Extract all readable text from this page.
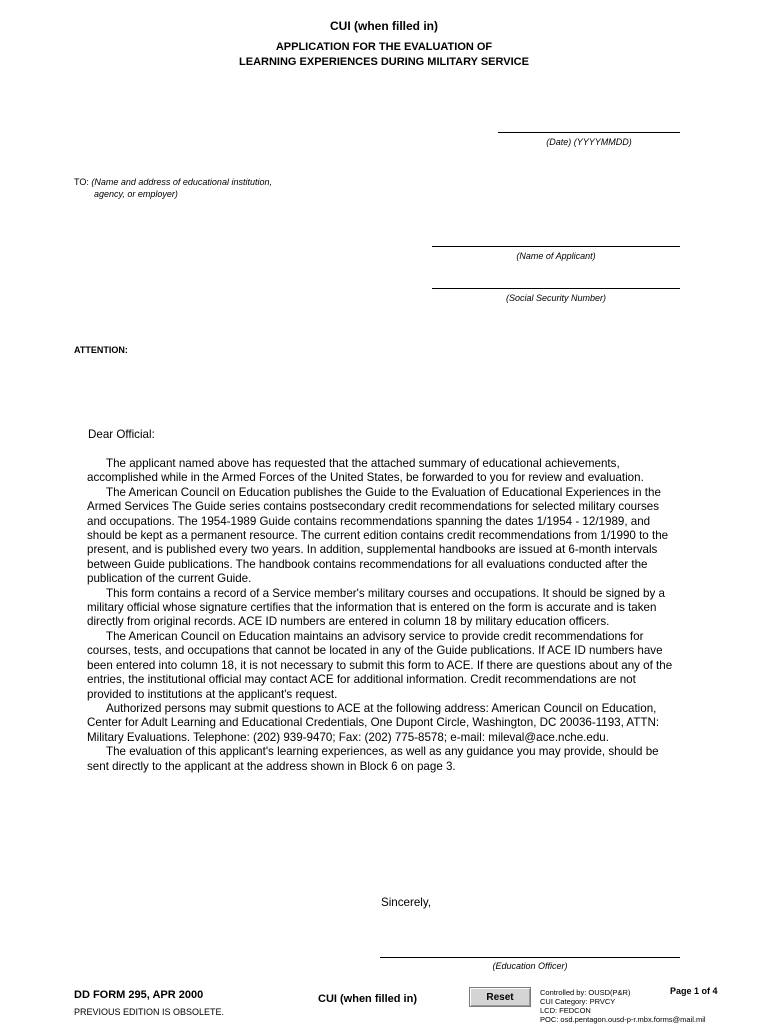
CUI (when filled in)
APPLICATION FOR THE EVALUATION OF
LEARNING EXPERIENCES DURING MILITARY SERVICE
(Date) (YYYYMMDD)
TO: (Name and address of educational institution,
agency, or employer)
(Name of Applicant)
(Social Security Number)
ATTENTION:
Dear Official:

The applicant named above has requested that the attached summary of educational achievements, accomplished while in the Armed Forces of the United States, be forwarded to you for review and evaluation.

The American Council on Education publishes the Guide to the Evaluation of Educational Experiences in the Armed Services The Guide series contains postsecondary credit recommendations for selected military courses and occupations. The 1954-1989 Guide contains recommendations spanning the dates 1/1954 - 12/1989, and should be kept as a permanent resource. The current edition contains credit recommendations from 1/1990 to the present, and is published every two years. In addition, supplemental handbooks are issued at 6-month intervals between Guide publications. The handbook contains recommendations for all evaluations conducted after the publication of the current Guide.

This form contains a record of a Service member's military courses and occupations. It should be signed by a military official whose signature certifies that the information that is entered on the form is accurate and is taken directly from original records. ACE ID numbers are entered in column 18 by military education officers.

The American Council on Education maintains an advisory service to provide credit recommendations for courses, tests, and occupations that cannot be located in any of the Guide publications. If ACE ID numbers have been entered into column 18, it is not necessary to submit this form to ACE. If there are questions about any of the entries, the institutional official may contact ACE for additional information. Credit recommendations are not provided to institutions at the applicant's request.

Authorized persons may submit questions to ACE at the following address: American Council on Education, Center for Adult Learning and Educational Credentials, One Dupont Circle, Washington, DC 20036-1193, ATTN: Military Evaluations. Telephone: (202) 939-9470; Fax: (202) 775-8578; e-mail: mileval@ace.nche.edu.

The evaluation of this applicant's learning experiences, as well as any guidance you may provide, should be sent directly to the applicant at the address shown in Block 6 on page 3.

Sincerely,
(Education Officer)
DD FORM 295, APR 2000
PREVIOUS EDITION IS OBSOLETE.
CUI (when filled in)	Reset	Controlled by: OUSD(P&R)
CUI Category: PRVCY
LCD: FEDCON
POC: osd.pentagon.ousd-p-r.mbx.forms@mail.mil
Page 1 of 4
